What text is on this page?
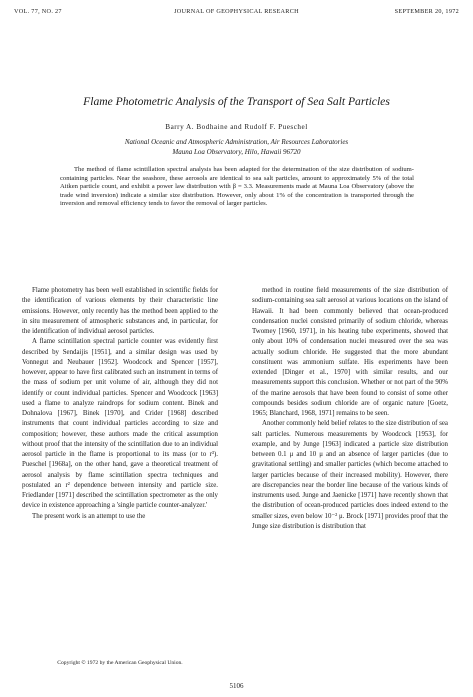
VOL. 77, NO. 27	JOURNAL OF GEOPHYSICAL RESEARCH	SEPTEMBER 20, 1972
Flame Photometric Analysis of the Transport of Sea Salt Particles
Barry A. Bodhaine and Rudolf F. Pueschel
National Oceanic and Atmospheric Administration, Air Resources Laboratories
Mauna Loa Observatory, Hilo, Hawaii 96720
The method of flame scintillation spectral analysis has been adapted for the determination of the size distribution of sodium-containing particles. Near the seashore, these aerosols are identical to sea salt particles, amount to approximately 5% of the total Aitken particle count, and exhibit a power law distribution with β = 3.3. Measurements made at Mauna Loa Observatory (above the trade wind inversion) indicate a similar size distribution. However, only about 1% of the concentration is transported through the inversion and removal efficiency tends to favor the removal of larger particles.

Flame photometry has been well established in scientific fields for the identification of various elements by their characteristic line emissions. However, only recently has the method been applied to the in situ measurement of atmospheric substances and, in particular, for the identification of individual aerosol particles.

A flame scintillation spectral particle counter was evidently first described by Sendaijis [1951], and a similar design was used by Vonnegut and Neubauer [1952]. Woodcock and Spencer [1957], however, appear to have first calibrated such an instrument in terms of the mass of sodium per unit volume of air, although they did not identify or count individual particles. Spencer and Woodcock [1963] used a flame to analyze raindrops for sodium content. Binek and Dohnalova [1967], Binek [1970], and Crider [1968] described instruments that count individual particles according to size and composition; however, these authors made the critical assumption without proof that the intensity of the scintillation due to an individual aerosol particle in the flame is proportional to its mass (or to r³). Pueschel [1968a], on the other hand, gave a theoretical treatment of aerosol analysis by flame scintillation spectra techniques and postulated an r² dependence between intensity and particle size. Friedlander [1971] described the scintillation spectrometer as the only device in existence approaching a 'single particle counter-analyzer.'

The present work is an attempt to use the

method in routine field measurements of the size distribution of sodium-containing sea salt aerosol at various locations on the island of Hawaii. It had been commonly believed that ocean-produced condensation nuclei consisted primarily of sodium chloride, whereas Twomey [1960, 1971], in his heating tube experiments, showed that only about 10% of condensation nuclei measured over the sea was actually sodium chloride. He suggested that the more abundant constituent was ammonium sulfate. His experiments have been extended [Dinger et al., 1970] with similar results, and our measurements support this conclusion. Whether or not part of the 90% of the marine aerosols that have been found to consist of some other compounds besides sodium chloride are of organic nature [Goetz, 1965; Blanchard, 1968, 1971] remains to be seen.

Another commonly held belief relates to the size distribution of sea salt particles. Numerous measurements by Woodcock [1953], for example, and by Junge [1963] indicated a particle size distribution between 0.1 μ and 10 μ and an absence of larger particles (due to gravitational settling) and smaller particles (which become attached to larger particles because of their increased mobility). However, there are discrepancies near the border line because of the various kinds of instruments used. Junge and Jaenicke [1971] have recently shown that the distribution of ocean-produced particles does indeed extend to the smaller sizes, even below 10⁻² μ. Brock [1971] provides proof that the Junge size distribution is distribution that

Copyright © 1972 by the American Geophysical Union.
5106
